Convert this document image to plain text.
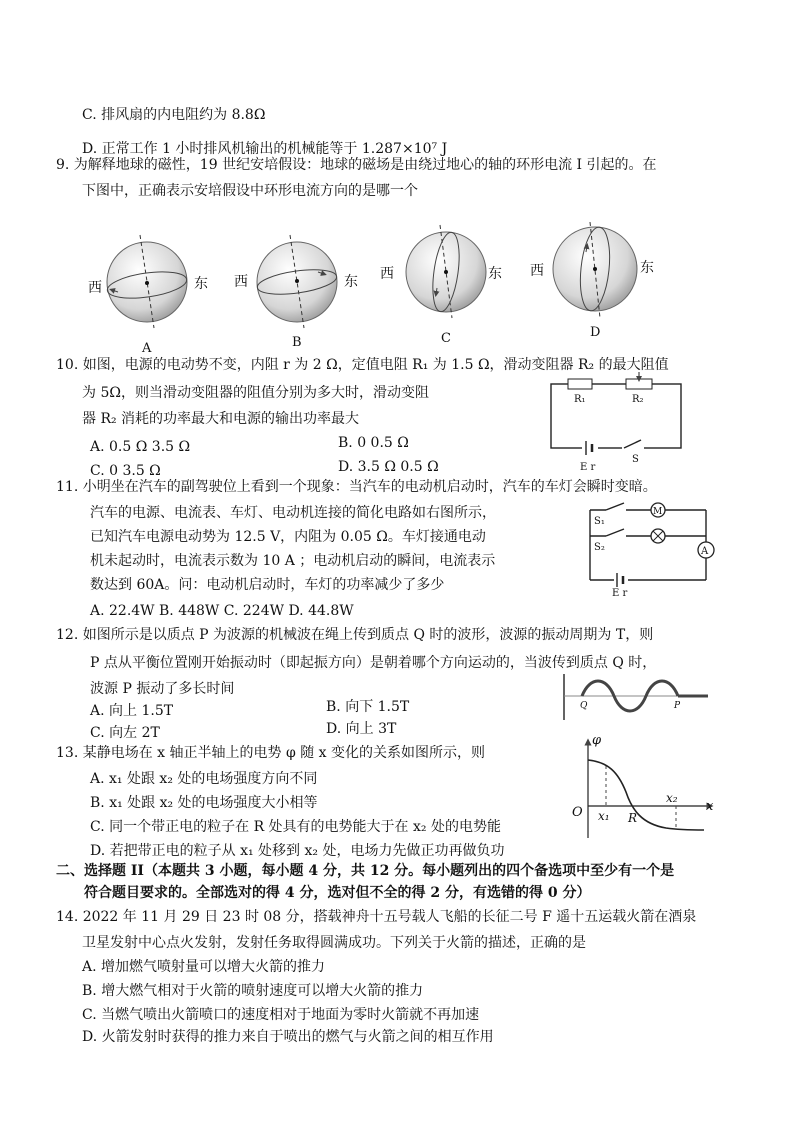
C. 排风扇的内电阻约为 8.8Ω
D. 正常工作 1 小时排风机输出的机械能等于 1.287×10⁷ J
9. 为解释地球的磁性，19 世纪安培假设：地球的磁场是由绕过地心的轴的环形电流 I 引起的。在
下图中，正确表示安培假设中环形电流方向的是哪一个
西	东
A
西	东
B
西	东
C
西	东
D
10. 如图，电源的电动势不变，内阻 r 为 2 Ω，定值电阻 R₁ 为 1.5 Ω，滑动变阻器 R₂ 的最大阻值
为 5Ω，则当滑动变阻器的阻值分别为多大时，滑动变阻
器 R₂ 消耗的功率最大和电源的输出功率最大
A. 0.5 Ω 3.5 Ω	B. 0 0.5 Ω
C. 0 3.5 Ω	D. 3.5 Ω 0.5 Ω
R₁	R₂
E r
S
11. 小明坐在汽车的副驾驶位上看到一个现象：当汽车的电动机启动时，汽车的车灯会瞬时变暗。
汽车的电源、电流表、车灯、电动机连接的简化电路如右图所示，
已知汽车电源电动势为 12.5 V，内阻为 0.05 Ω。车灯接通电动
机未起动时，电流表示数为 10 A ；电动机启动的瞬间，电流表示
数达到 60A。问：电动机启动时，车灯的功率减少了多少
A. 22.4W B. 448W C. 224W D. 44.8W
S₁
S₂
M
A
E r
12. 如图所示是以质点 P 为波源的机械波在绳上传到质点 Q 时的波形，波源的振动周期为 T，则
P 点从平衡位置刚开始振动时（即起振方向）是朝着哪个方向运动的，当波传到质点 Q 时，
波源 P 振动了多长时间
A. 向上 1.5T	B. 向下 1.5T
C. 向左 2T	D. 向上 3T
Q	P
13. 某静电场在 x 轴正半轴上的电势 φ 随 x 变化的关系如图所示，则
A. x₁ 处跟 x₂ 处的电场强度方向不同
B. x₁ 处跟 x₂ 处的电场强度大小相等
C. 同一个带正电的粒子在 R 处具有的电势能大于在 x₂ 处的电势能
D. 若把带正电的粒子从 x₁ 处移到 x₂ 处，电场力先做正功再做负功
φ
O x₁ R
x₂
x
二、选择题 II（本题共 3 小题，每小题 4 分，共 12 分。每小题列出的四个备选项中至少有一个是
符合题目要求的。全部选对的得 4 分，选对但不全的得 2 分，有选错的得 0 分）
14. 2022 年 11 月 29 日 23 时 08 分，搭载神舟十五号载人飞船的长征二号 F 遥十五运载火箭在酒泉
卫星发射中心点火发射，发射任务取得圆满成功。下列关于火箭的描述，正确的是
A. 增加燃气喷射量可以增大火箭的推力
B. 增大燃气相对于火箭的喷射速度可以增大火箭的推力
C. 当燃气喷出火箭喷口的速度相对于地面为零时火箭就不再加速
D. 火箭发射时获得的推力来自于喷出的燃气与火箭之间的相互作用
